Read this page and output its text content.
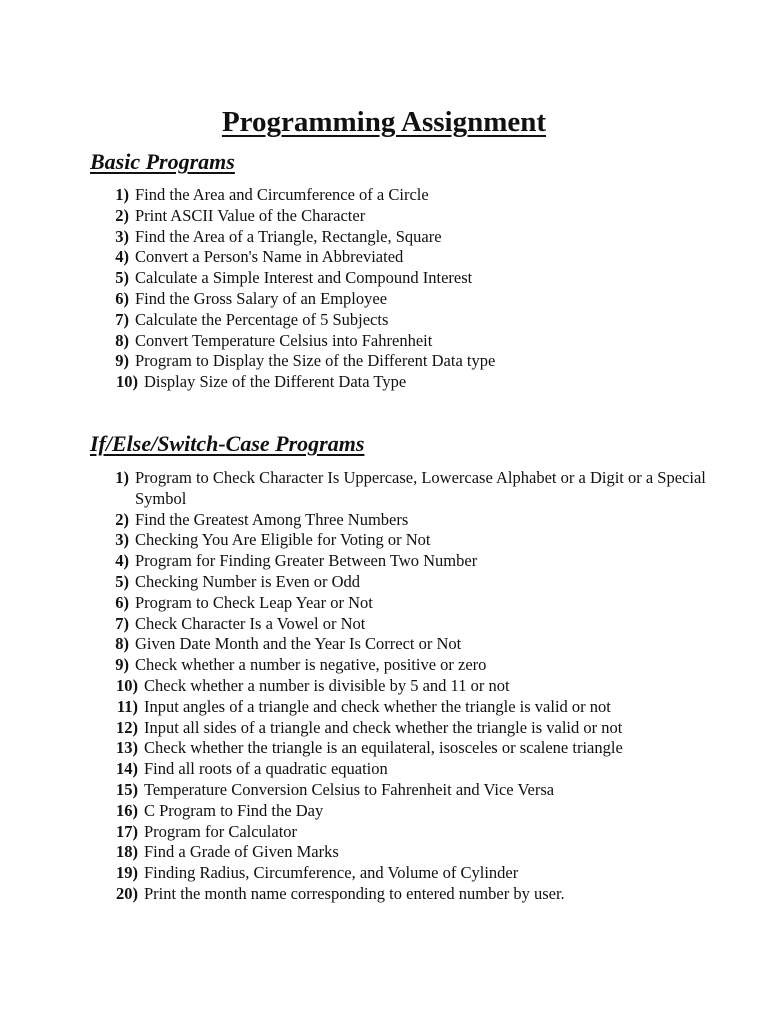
Programming Assignment
Basic Programs
1) Find the Area and Circumference of a Circle
2) Print ASCII Value of the Character
3) Find the Area of a Triangle, Rectangle, Square
4) Convert a Person's Name in Abbreviated
5) Calculate a Simple Interest and Compound Interest
6) Find the Gross Salary of an Employee
7) Calculate the Percentage of 5 Subjects
8) Convert Temperature Celsius into Fahrenheit
9) Program to Display the Size of the Different Data type
10) Display Size of the Different Data Type
If/Else/Switch-Case Programs
1) Program to Check Character Is Uppercase, Lowercase Alphabet or a Digit or a Special Symbol
2) Find the Greatest Among Three Numbers
3) Checking You Are Eligible for Voting or Not
4) Program for Finding Greater Between Two Number
5) Checking Number is Even or Odd
6) Program to Check Leap Year or Not
7) Check Character Is a Vowel or Not
8) Given Date Month and the Year Is Correct or Not
9) Check whether a number is negative, positive or zero
10) Check whether a number is divisible by 5 and 11 or not
11) Input angles of a triangle and check whether the triangle is valid or not
12) Input all sides of a triangle and check whether the triangle is valid or not
13) Check whether the triangle is an equilateral, isosceles or scalene triangle
14) Find all roots of a quadratic equation
15) Temperature Conversion Celsius to Fahrenheit and Vice Versa
16) C Program to Find the Day
17) Program for Calculator
18) Find a Grade of Given Marks
19) Finding Radius, Circumference, and Volume of Cylinder
20) Print the month name corresponding to entered number by user.
